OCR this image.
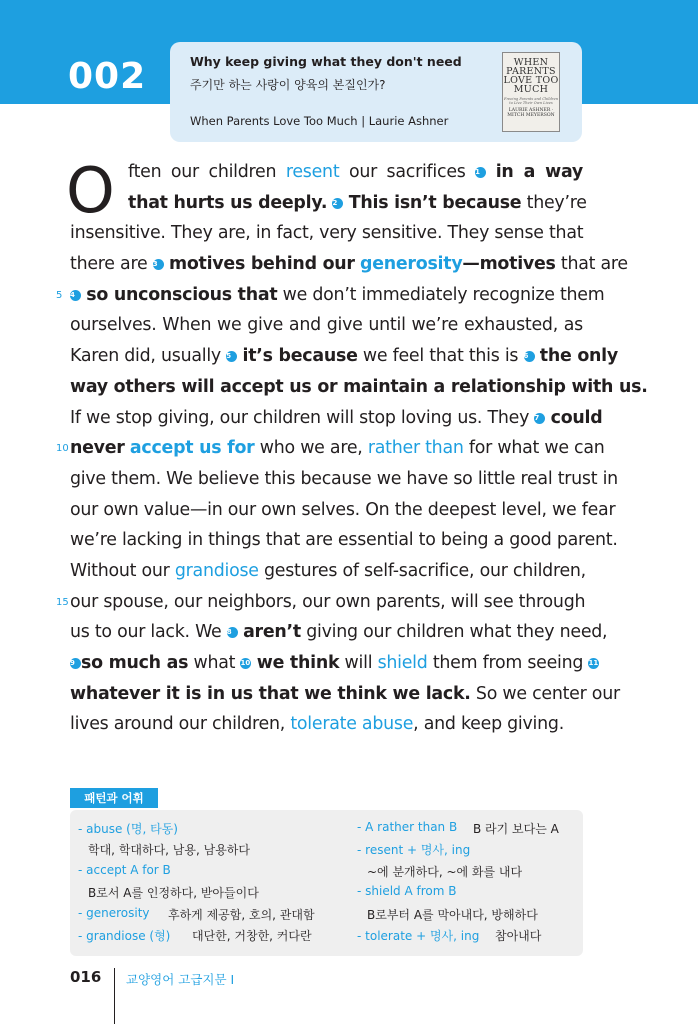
002	Why keep giving what they don't need
주기만 하는 사랑이 양육의 본질인가?
When Parents Love Too Much | Laurie Ashner
WHEN PARENTS LOVE TOO MUCH
Freeing Parents and Children to Live Their Own Lives
LAURIE ASHNER · MITCH MEYERSON
O ften our children resent our sacrifices 1 in a way
that hurts us deeply. 2 This isn’t because they’re
insensitive. They are, in fact, very sensitive. They sense that
there are 3 motives behind our generosity—motives that are
4 so unconscious that we don’t immediately recognize them
ourselves. When we give and give until we’re exhausted, as
Karen did, usually 5 it’s because we feel that this is 6 the only
way others will accept us or maintain a relationship with us.
If we stop giving, our children will stop loving us. They 7 could
never accept us for who we are, rather than for what we can
give them. We believe this because we have so little real trust in
our own value—in our own selves. On the deepest level, we fear
we’re lacking in things that are essential to being a good parent.
Without our grandiose gestures of self-sacrifice, our children,
our spouse, our neighbors, our own parents, will see through
us to our lack. We 8 aren’t giving our children what they need,
9 so much as what 10 we think will shield them from seeing 11
whatever it is in us that we think we lack. So we center our
lives around our children, tolerate abuse, and keep giving.
5
10
15
패턴과 어휘
- abuse (명, 타동)
학대, 학대하다, 남용, 남용하다
- accept A for B
B로서 A를 인정하다, 받아들이다
- generosity 후하게 제공함, 호의, 관대함
- grandiose (형) 대단한, 거창한, 커다란
- A rather than B B 라기 보다는 A
- resent + 명사, ing
~에 분개하다, ~에 화를 내다
- shield A from B
B로부터 A를 막아내다, 방해하다
- tolerate + 명사, ing 참아내다
016 교양영어 고급지문 I
